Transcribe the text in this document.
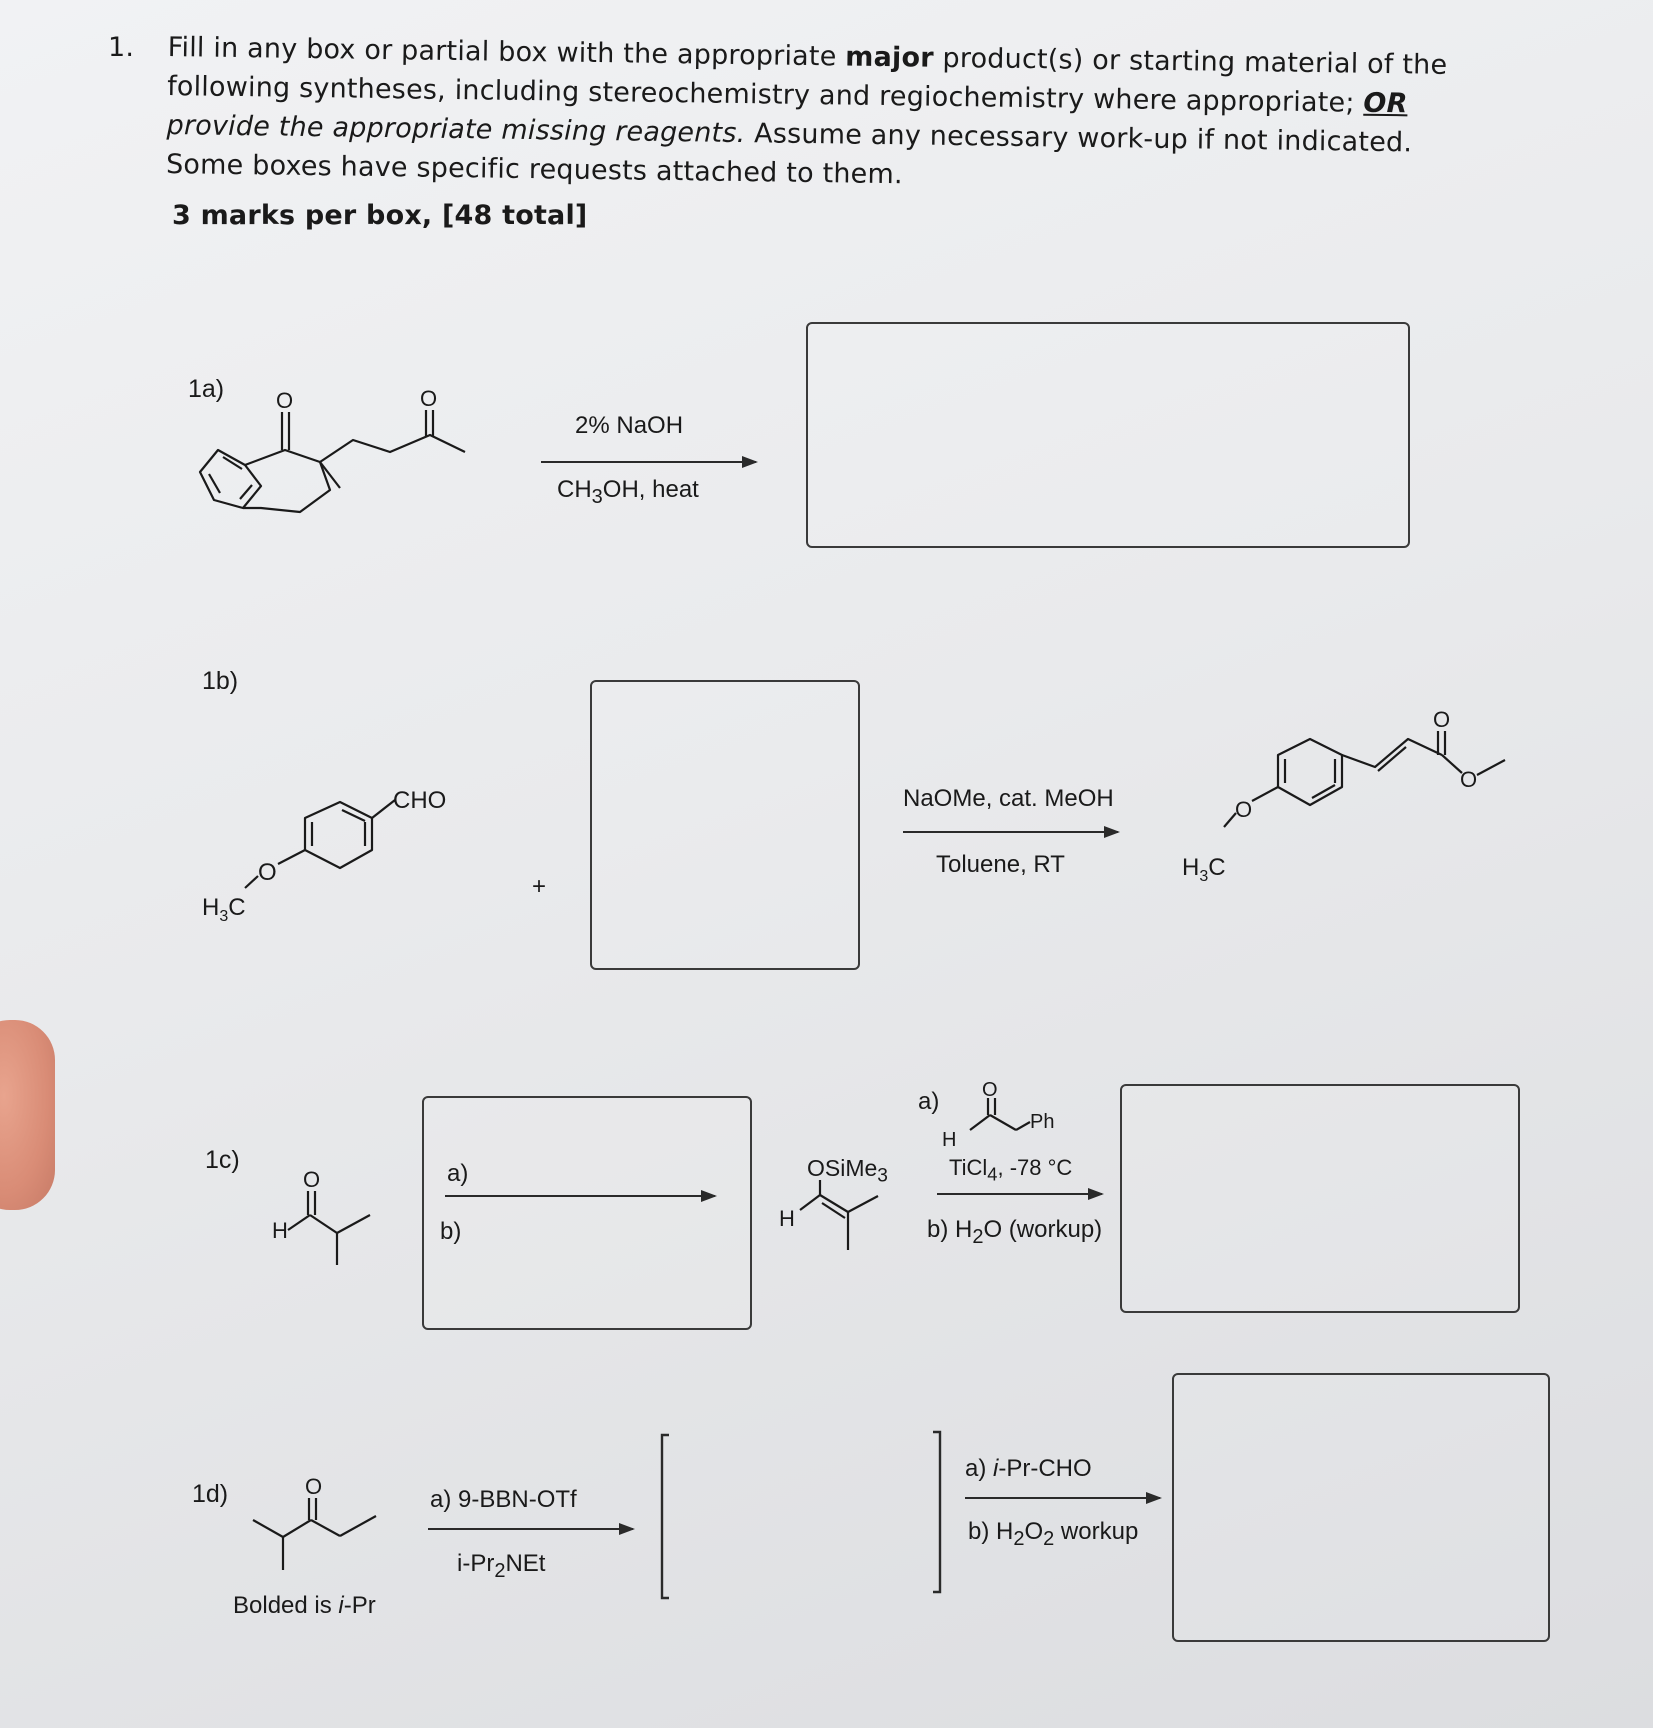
1. Fill in any box or partial box with the appropriate major product(s) or starting material of the following syntheses, including stereochemistry and regiochemistry where appropriate; OR provide the appropriate missing reagents. Assume any necessary work-up if not indicated. Some boxes have specific requests attached to them.
3 marks per box, [48 total]
1a) O	O
2% NaOH
$CH_3OH$, heat
1b)
CHO
O
$H_3C$
+
NaOMe, cat. MeOH
Toluene, RT
O
O
O
$H_3C$
1c)
O
H
a)
b)	H
OSiMe$_3$
a) O
H
Ph
TiCl$_4$, -78 °C
b) $H_2O$ (workup)
1d)	O
Bolded is i-Pr
a) 9-BBN-OTf
$i-Pr_2NEt$
a) i-Pr-CHO
b) $H_2O_2$ workup
